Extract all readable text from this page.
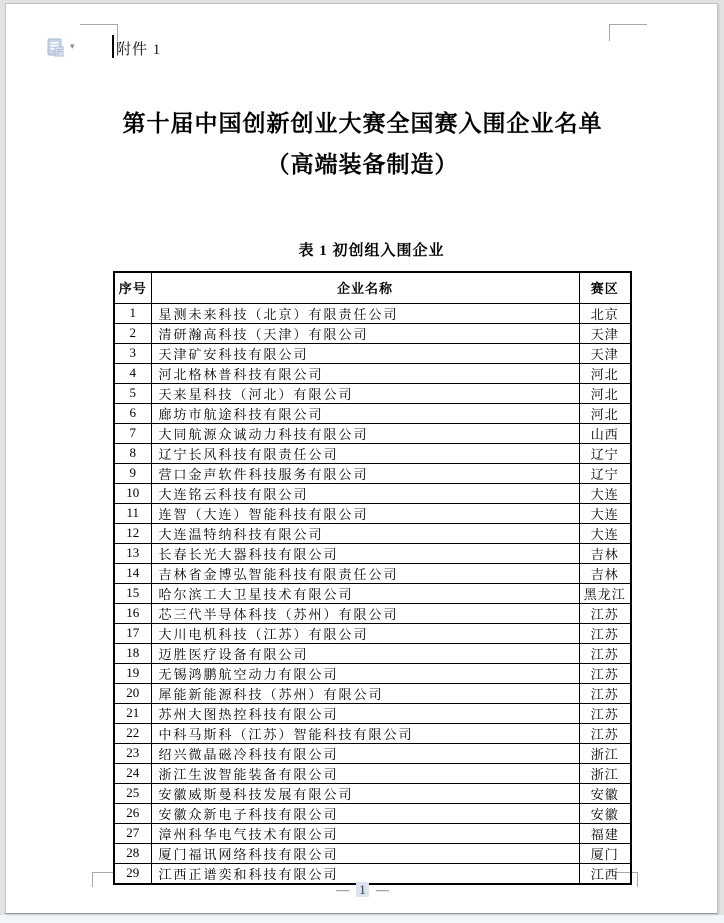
▾	附件 1
第十届中国创新创业大赛全国赛入围企业名单
（高端装备制造）
表 1 初创组入围企业
序号	企业名称	赛区
1	星测未来科技（北京）有限责任公司	北京
2	清研瀚高科技（天津）有限公司	天津
3	天津矿安科技有限公司	天津
4	河北格林普科技有限公司	河北
5	天来星科技（河北）有限公司	河北
6	廊坊市航途科技有限公司	河北
7	大同航源众诚动力科技有限公司	山西
8	辽宁长风科技有限责任公司	辽宁
9	营口金声软件科技服务有限公司	辽宁
10	大连铭云科技有限公司	大连
11	连智（大连）智能科技有限公司	大连
12	大连温特纳科技有限公司	大连
13	长春长光大器科技有限公司	吉林
14	吉林省金博弘智能科技有限责任公司	吉林
15	哈尔滨工大卫星技术有限公司	黑龙江
16	芯三代半导体科技（苏州）有限公司	江苏
17	大川电机科技（江苏）有限公司	江苏
18	迈胜医疗设备有限公司	江苏
19	无锡鸿鹏航空动力有限公司	江苏
20	犀能新能源科技（苏州）有限公司	江苏
21	苏州大图热控科技有限公司	江苏
22	中科马斯科（江苏）智能科技有限公司	江苏
23	绍兴微晶磁冷科技有限公司	浙江
24	浙江生波智能装备有限公司	浙江
25	安徽威斯曼科技发展有限公司	安徽
26	安徽众新电子科技有限公司	安徽
27	漳州科华电气技术有限公司	福建
28	厦门福讯网络科技有限公司	厦门
29	江西正谱奕和科技有限公司	江西
— 1 —
